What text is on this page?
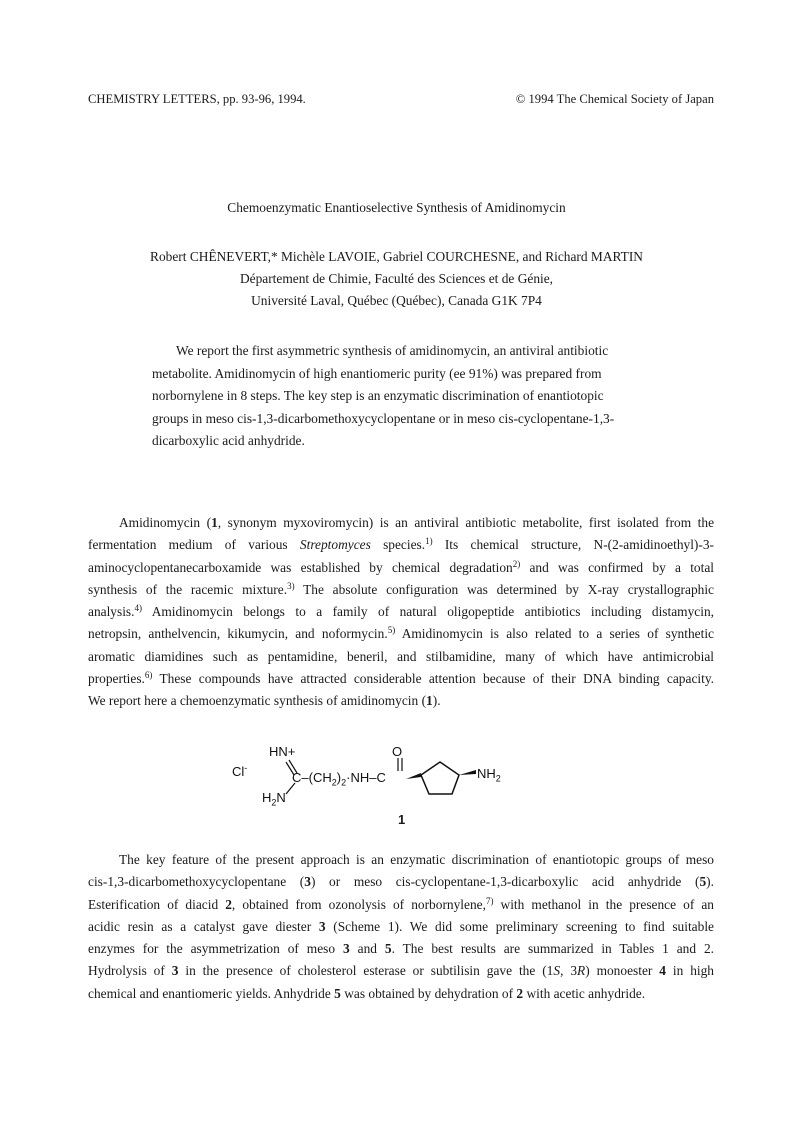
CHEMISTRY LETTERS, pp. 93-96, 1994.	© 1994 The Chemical Society of Japan
Chemoenzymatic Enantioselective Synthesis of Amidinomycin
Robert CHÊNEVERT,* Michèle LAVOIE, Gabriel COURCHESNE, and Richard MARTIN
Département de Chimie, Faculté des Sciences et de Génie,
Université Laval, Québec (Québec), Canada G1K 7P4
We report the first asymmetric synthesis of amidinomycin, an antiviral antibiotic
metabolite. Amidinomycin of high enantiomeric purity (ee 91%) was prepared from
norbornylene in 8 steps. The key step is an enzymatic discrimination of enantiotopic
groups in meso cis-1,3-dicarbomethoxycyclopentane or in meso cis-cyclopentane-1,3-
dicarboxylic acid anhydride.
Amidinomycin (1, synonym myxoviromycin) is an antiviral antibiotic metabolite, first isolated from the
fermentation medium of various Streptomyces species.$^{1)}$ Its chemical structure, N-(2-amidinoethyl)-3-
aminocyclopentanecarboxamide was established by chemical degradation$^{2)}$ and was confirmed by a total
synthesis of the racemic mixture.$^{3)}$ The absolute configuration was determined by X-ray crystallographic
analysis.$^{4)}$ Amidinomycin belongs to a family of natural oligopeptide antibiotics including distamycin,
netropsin, anthelvencin, kikumycin, and noformycin.$^{5)}$ Amidinomycin is also related to a series of synthetic
aromatic diamidines such as pentamidine, beneril, and stilbamidine, many of which have antimicrobial
properties.$^{6)}$ These compounds have attracted considerable attention because of their DNA binding capacity.
We report here a chemoenzymatic synthesis of amidinomycin (1).
HN+
Cl-
O
$C-(CH_2)_2\cdot NH-C$
$H_2N$
$NH_2$
1
The key feature of the present approach is an enzymatic discrimination of enantiotopic groups of meso
cis-1,3-dicarbomethoxycyclopentane (3) or meso cis-cyclopentane-1,3-dicarboxylic acid anhydride (5).
Esterification of diacid 2, obtained from ozonolysis of norbornylene,$^{7)}$ with methanol in the presence of an
acidic resin as a catalyst gave diester 3 (Scheme 1). We did some preliminary screening to find suitable
enzymes for the asymmetrization of meso 3 and 5. The best results are summarized in Tables 1 and 2.
Hydrolysis of 3 in the presence of cholesterol esterase or subtilisin gave the (1S, 3R) monoester 4 in high
chemical and enantiomeric yields. Anhydride 5 was obtained by dehydration of 2 with acetic anhydride.
